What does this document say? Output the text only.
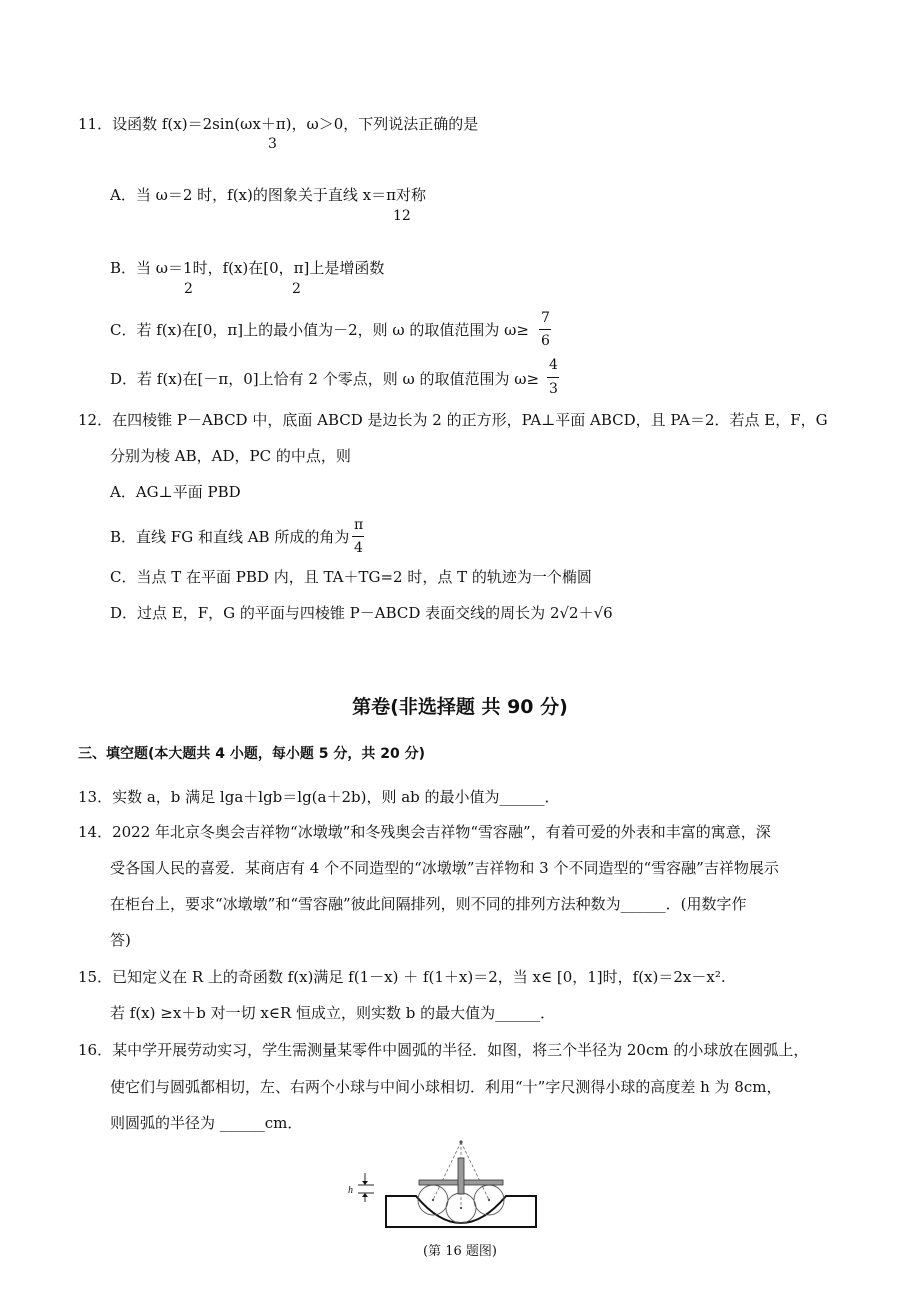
11．设函数 f(x)＝2sin(ωx＋π)，ω＞0，下列说法正确的是
3
A．当 ω＝2 时，f(x)的图象关于直线 x＝π对称
12
B．当 ω＝1时，f(x)在[0，π]上是增函数
2	2
C．若 f(x)在[0，π]上的最小值为－2，则 ω 的取值范围为 ω≥
7
6
D．若 f(x)在[－π，0]上恰有 2 个零点，则 ω 的取值范围为 ω≥
4
3
12．在四棱锥 P－ABCD 中，底面 ABCD 是边长为 2 的正方形，PA⊥平面 ABCD，且 PA＝2．若点 E，F，G
分别为棱 AB，AD，PC 的中点，则
A．AG⊥平面 PBD
B．直线 FG 和直线 AB 所成的角为
π
4
C．当点 T 在平面 PBD 内，且 TA＋TG=2 时，点 T 的轨迹为一个椭圆
D．过点 E，F，G 的平面与四棱锥 P－ABCD 表面交线的周长为 2√2＋√6
第卷(非选择题 共 90 分)
三、填空题(本大题共 4 小题，每小题 5 分，共 20 分)
13．实数 a，b 满足 lga＋lgb＝lg(a＋2b)，则 ab 的最小值为______．
14．2022 年北京冬奥会吉祥物“冰墩墩”和冬残奥会吉祥物“雪容融”，有着可爱的外表和丰富的寓意，深
受各国人民的喜爱．某商店有 4 个不同造型的“冰墩墩”吉祥物和 3 个不同造型的“雪容融”吉祥物展示
在柜台上，要求“冰墩墩”和“雪容融”彼此间隔排列，则不同的排列方法种数为______．(用数字作
答)
15．已知定义在 R 上的奇函数 f(x)满足 f(1－x) ＋ f(1＋x)＝2，当 x∈ [0，1]时，f(x)＝2x－x².
若 f(x) ≥x＋b 对一切 x∈R 恒成立，则实数 b 的最大值为______．
16．某中学开展劳动实习，学生需测量某零件中圆弧的半径．如图，将三个半径为 20cm 的小球放在圆弧上，
使它们与圆弧都相切，左、右两个小球与中间小球相切．利用“十”字尺测得小球的高度差 h 为 8cm，
则圆弧的半径为 ______cm．
h
(第 16 题图)
